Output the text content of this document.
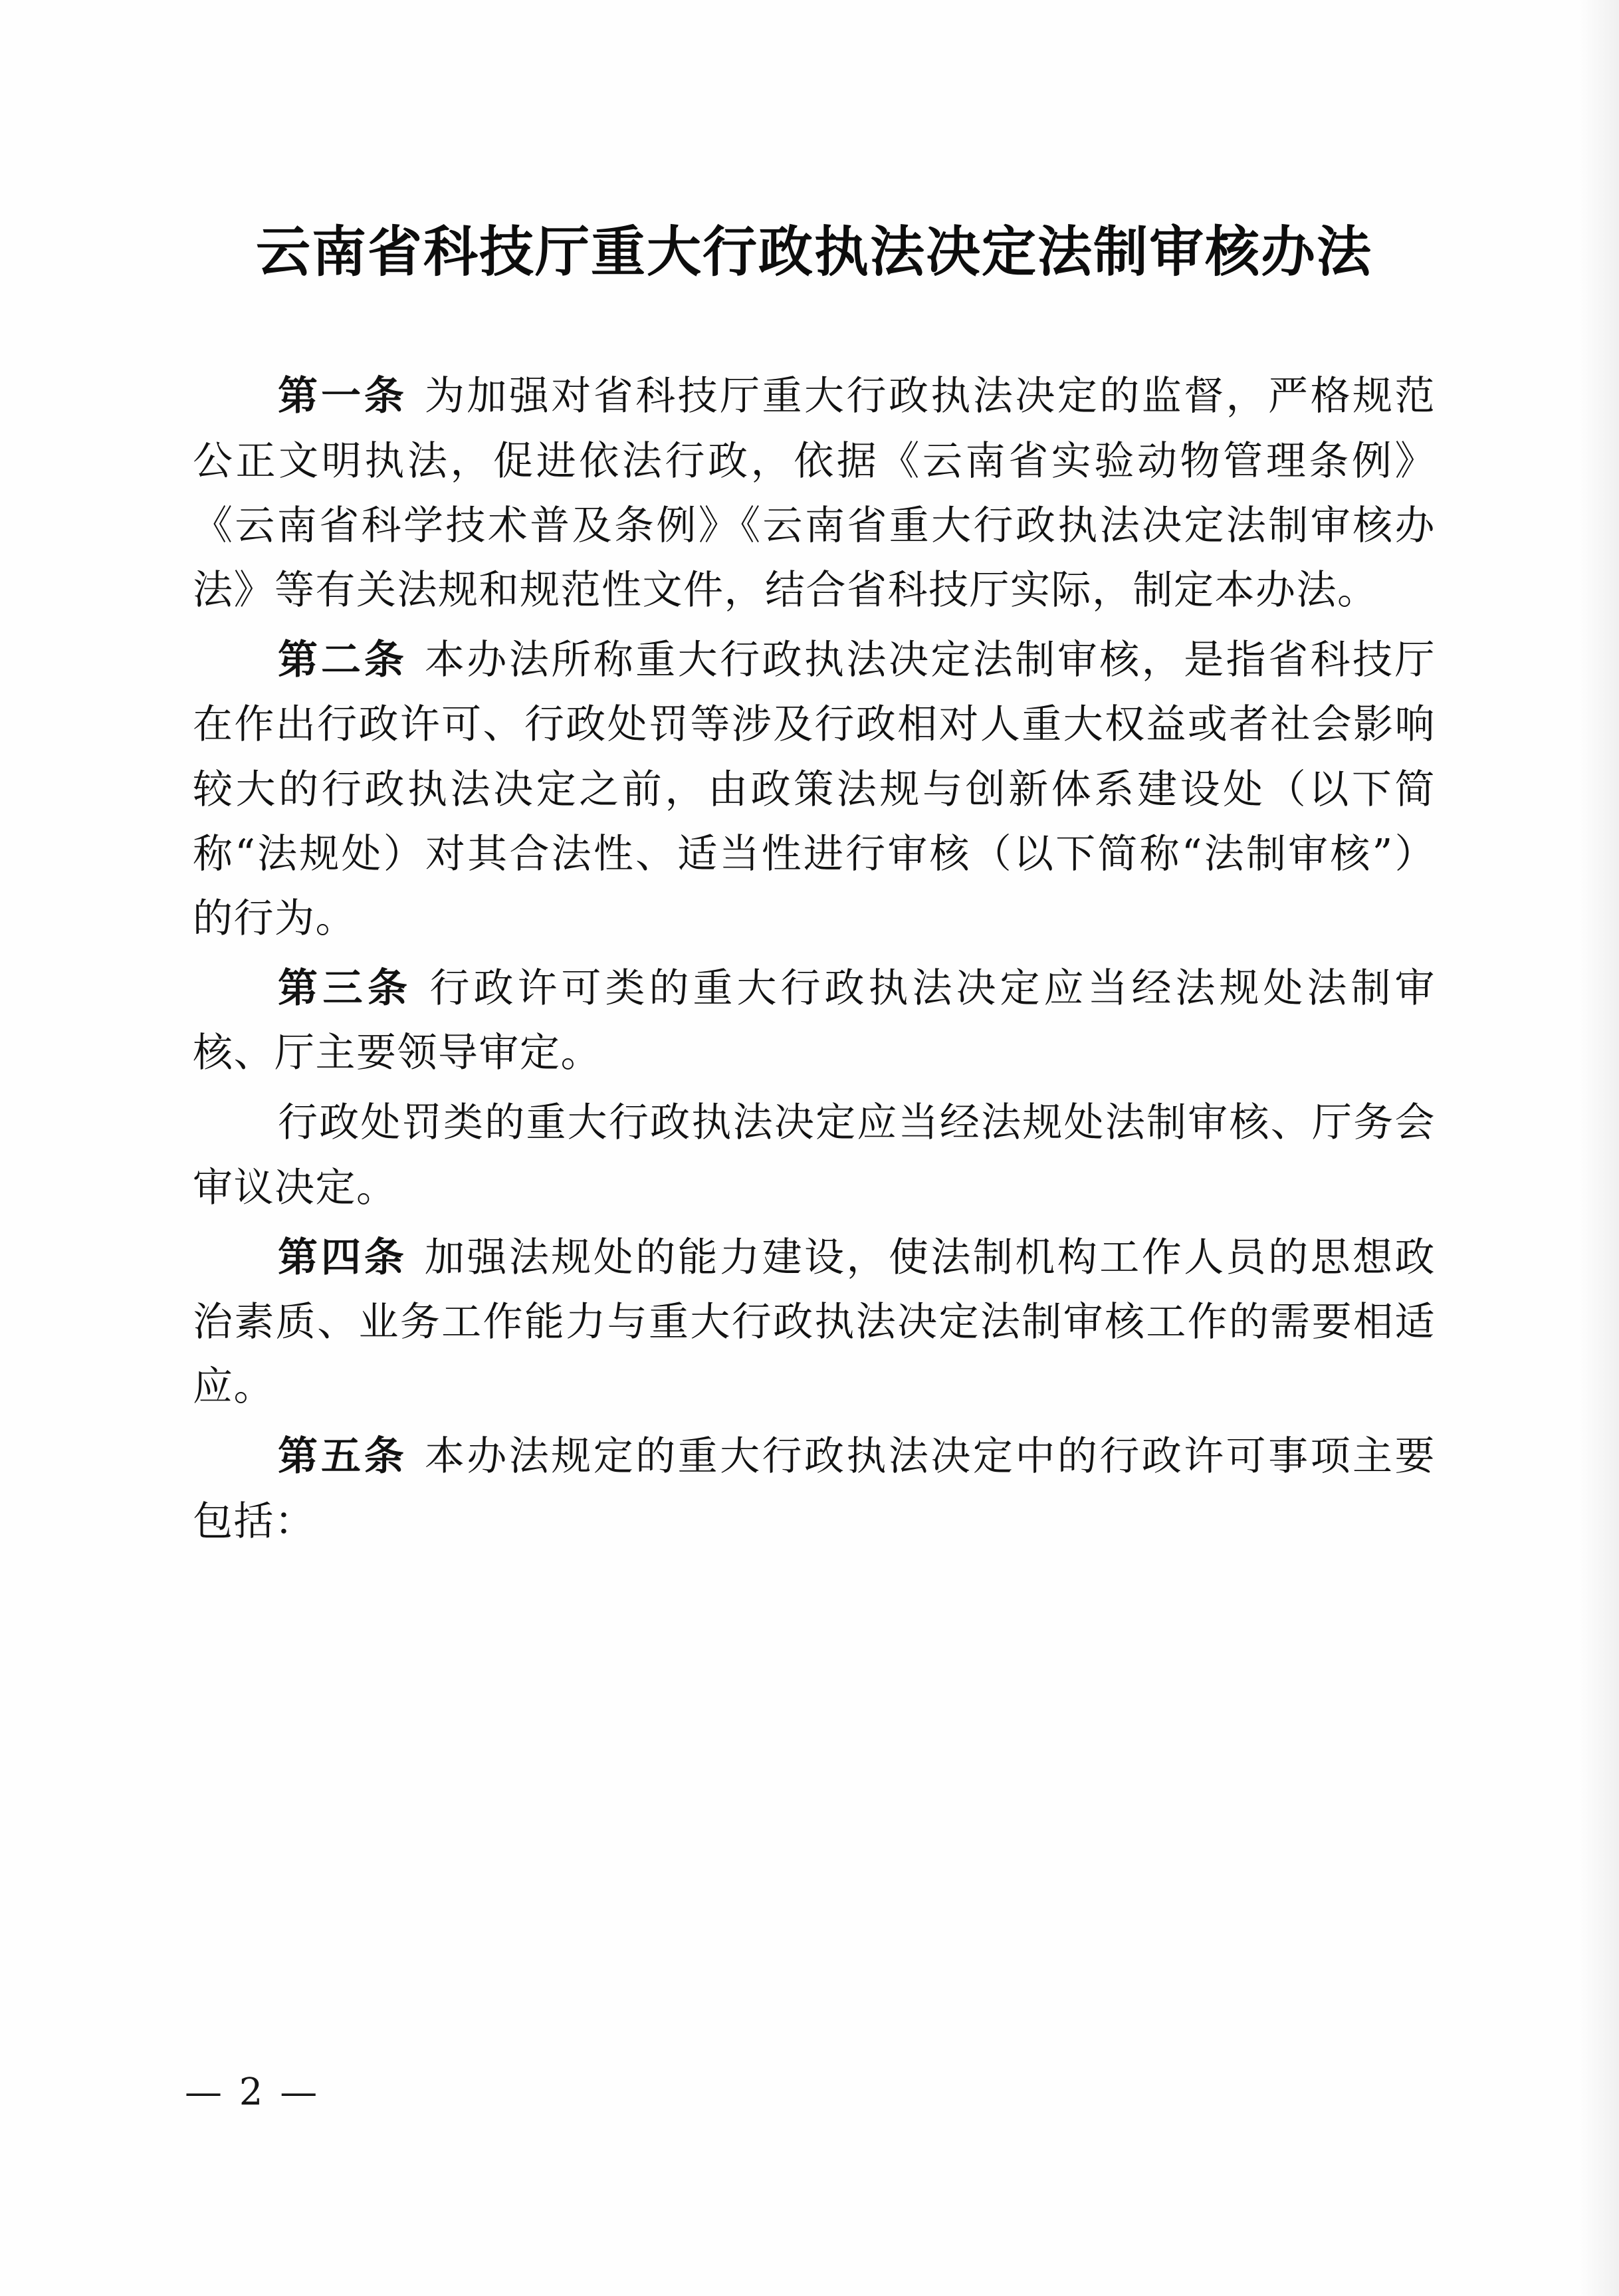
云南省科技厅重大行政执法决定法制审核办法

第一条 为加强对省科技厅重大行政执法决定的监督，严格规范公正文明执法，促进依法行政，依据《云南省实验动物管理条例》《云南省科学技术普及条例》《云南省重大行政执法决定法制审核办法》等有关法规和规范性文件，结合省科技厅实际，制定本办法。

第二条 本办法所称重大行政执法决定法制审核，是指省科技厅在作出行政许可、行政处罚等涉及行政相对人重大权益或者社会影响较大的行政执法决定之前，由政策法规与创新体系建设处（以下简称“法规处）对其合法性、适当性进行审核（以下简称“法制审核”）的行为。

第三条 行政许可类的重大行政执法决定应当经法规处法制审核、厅主要领导审定。

行政处罚类的重大行政执法决定应当经法规处法制审核、厅务会审议决定。

第四条 加强法规处的能力建设，使法制机构工作人员的思想政治素质、业务工作能力与重大行政执法决定法制审核工作的需要相适应。

第五条 本办法规定的重大行政执法决定中的行政许可事项主要包括：

— 2 —
